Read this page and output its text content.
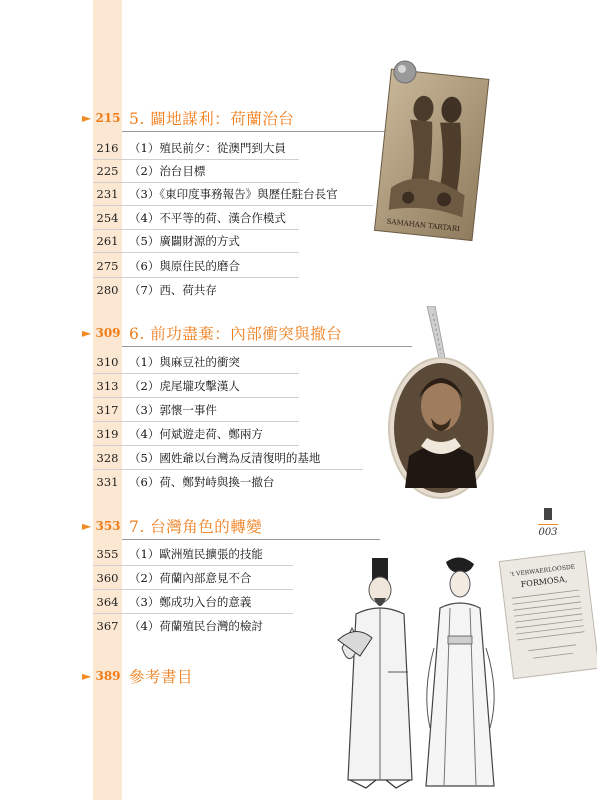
► 215 5. 闢地謀利：荷蘭治台
216 （1）殖民前夕：從澳門到大員
225 （2）治台目標
231 （3）《東印度事務報告》與歷任駐台長官
254 （4）不平等的荷、漢合作模式
261 （5）廣闢財源的方式
275 （6）與原住民的磨合
280 （7）西、荷共存
► 309 6. 前功盡棄：內部衝突與撤台
310 （1）與麻豆社的衝突
313 （2）虎尾壠攻擊漢人
317 （3）郭懷一事件
319 （4）何斌遊走荷、鄭兩方
328 （5）國姓爺以台灣為反清復明的基地
331 （6）荷、鄭對峙與換一撤台
► 353 7. 台灣角色的轉變
355 （1）歐洲殖民擴張的技能
360 （2）荷蘭內部意見不合
364 （3）鄭成功入台的意義
367 （4）荷蘭殖民台灣的檢討
► 389 參考書目
SAMAHAN TARTARI
003
't VERWAERLOOSDE
FORMOSA,
